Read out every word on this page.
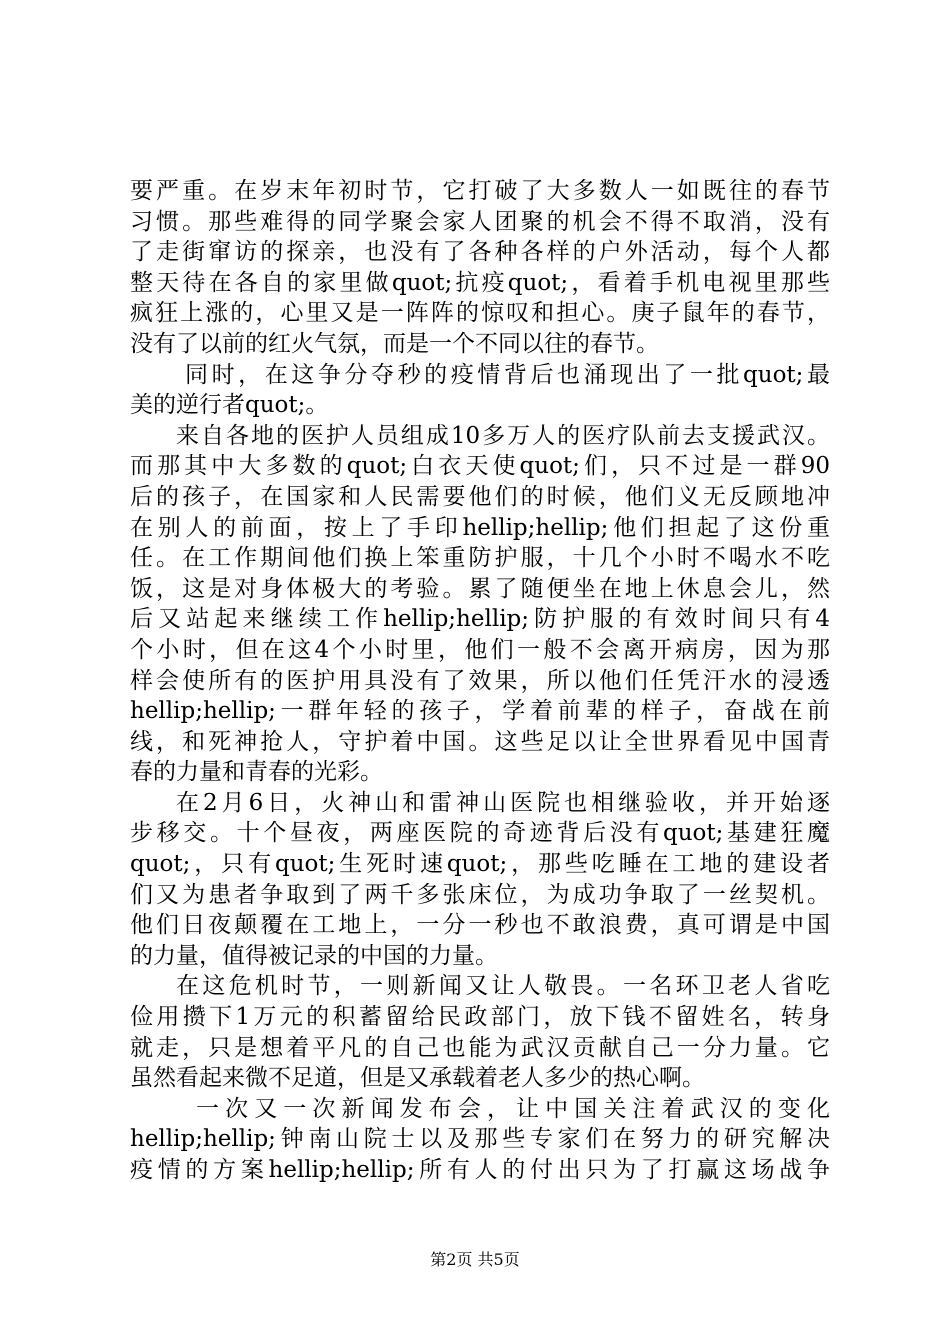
要严重。在岁末年初时节，它打破了大多数人一如既往的春节
习惯。那些难得的同学聚会家人团聚的机会不得不取消，没有
了走街窜访的探亲，也没有了各种各样的户外活动，每个人都
整天待在各自的家里做quot;抗疫quot;，看着手机电视里那些
疯狂上涨的，心里又是一阵阵的惊叹和担心。庚子鼠年的春节，
没有了以前的红火气氛，而是一个不同以往的春节。
同时，在这争分夺秒的疫情背后也涌现出了一批quot;最
美的逆行者quot;。
来自各地的医护人员组成10多万人的医疗队前去支援武汉。
而那其中大多数的quot;白衣天使quot;们，只不过是一群90
后的孩子，在国家和人民需要他们的时候，他们义无反顾地冲
在别人的前面，按上了手印hellip;hellip;他们担起了这份重
任。在工作期间他们换上笨重防护服，十几个小时不喝水不吃
饭，这是对身体极大的考验。累了随便坐在地上休息会儿，然
后又站起来继续工作hellip;hellip;防护服的有效时间只有4
个小时，但在这4个小时里，他们一般不会离开病房，因为那
样会使所有的医护用具没有了效果，所以他们任凭汗水的浸透
hellip;hellip;一群年轻的孩子，学着前辈的样子，奋战在前
线，和死神抢人，守护着中国。这些足以让全世界看见中国青
春的力量和青春的光彩。
在2月6日，火神山和雷神山医院也相继验收，并开始逐
步移交。十个昼夜，两座医院的奇迹背后没有quot;基建狂魔
quot;，只有quot;生死时速quot;，那些吃睡在工地的建设者
们又为患者争取到了两千多张床位，为成功争取了一丝契机。
他们日夜颠覆在工地上，一分一秒也不敢浪费，真可谓是中国
的力量，值得被记录的中国的力量。
在这危机时节，一则新闻又让人敬畏。一名环卫老人省吃
俭用攒下1万元的积蓄留给民政部门，放下钱不留姓名，转身
就走，只是想着平凡的自己也能为武汉贡献自己一分力量。它
虽然看起来微不足道，但是又承载着老人多少的热心啊。
一次又一次新闻发布会，让中国关注着武汉的变化
hellip;hellip;钟南山院士以及那些专家们在努力的研究解决
疫情的方案hellip;hellip;所有人的付出只为了打赢这场战争
第2页 共5页
